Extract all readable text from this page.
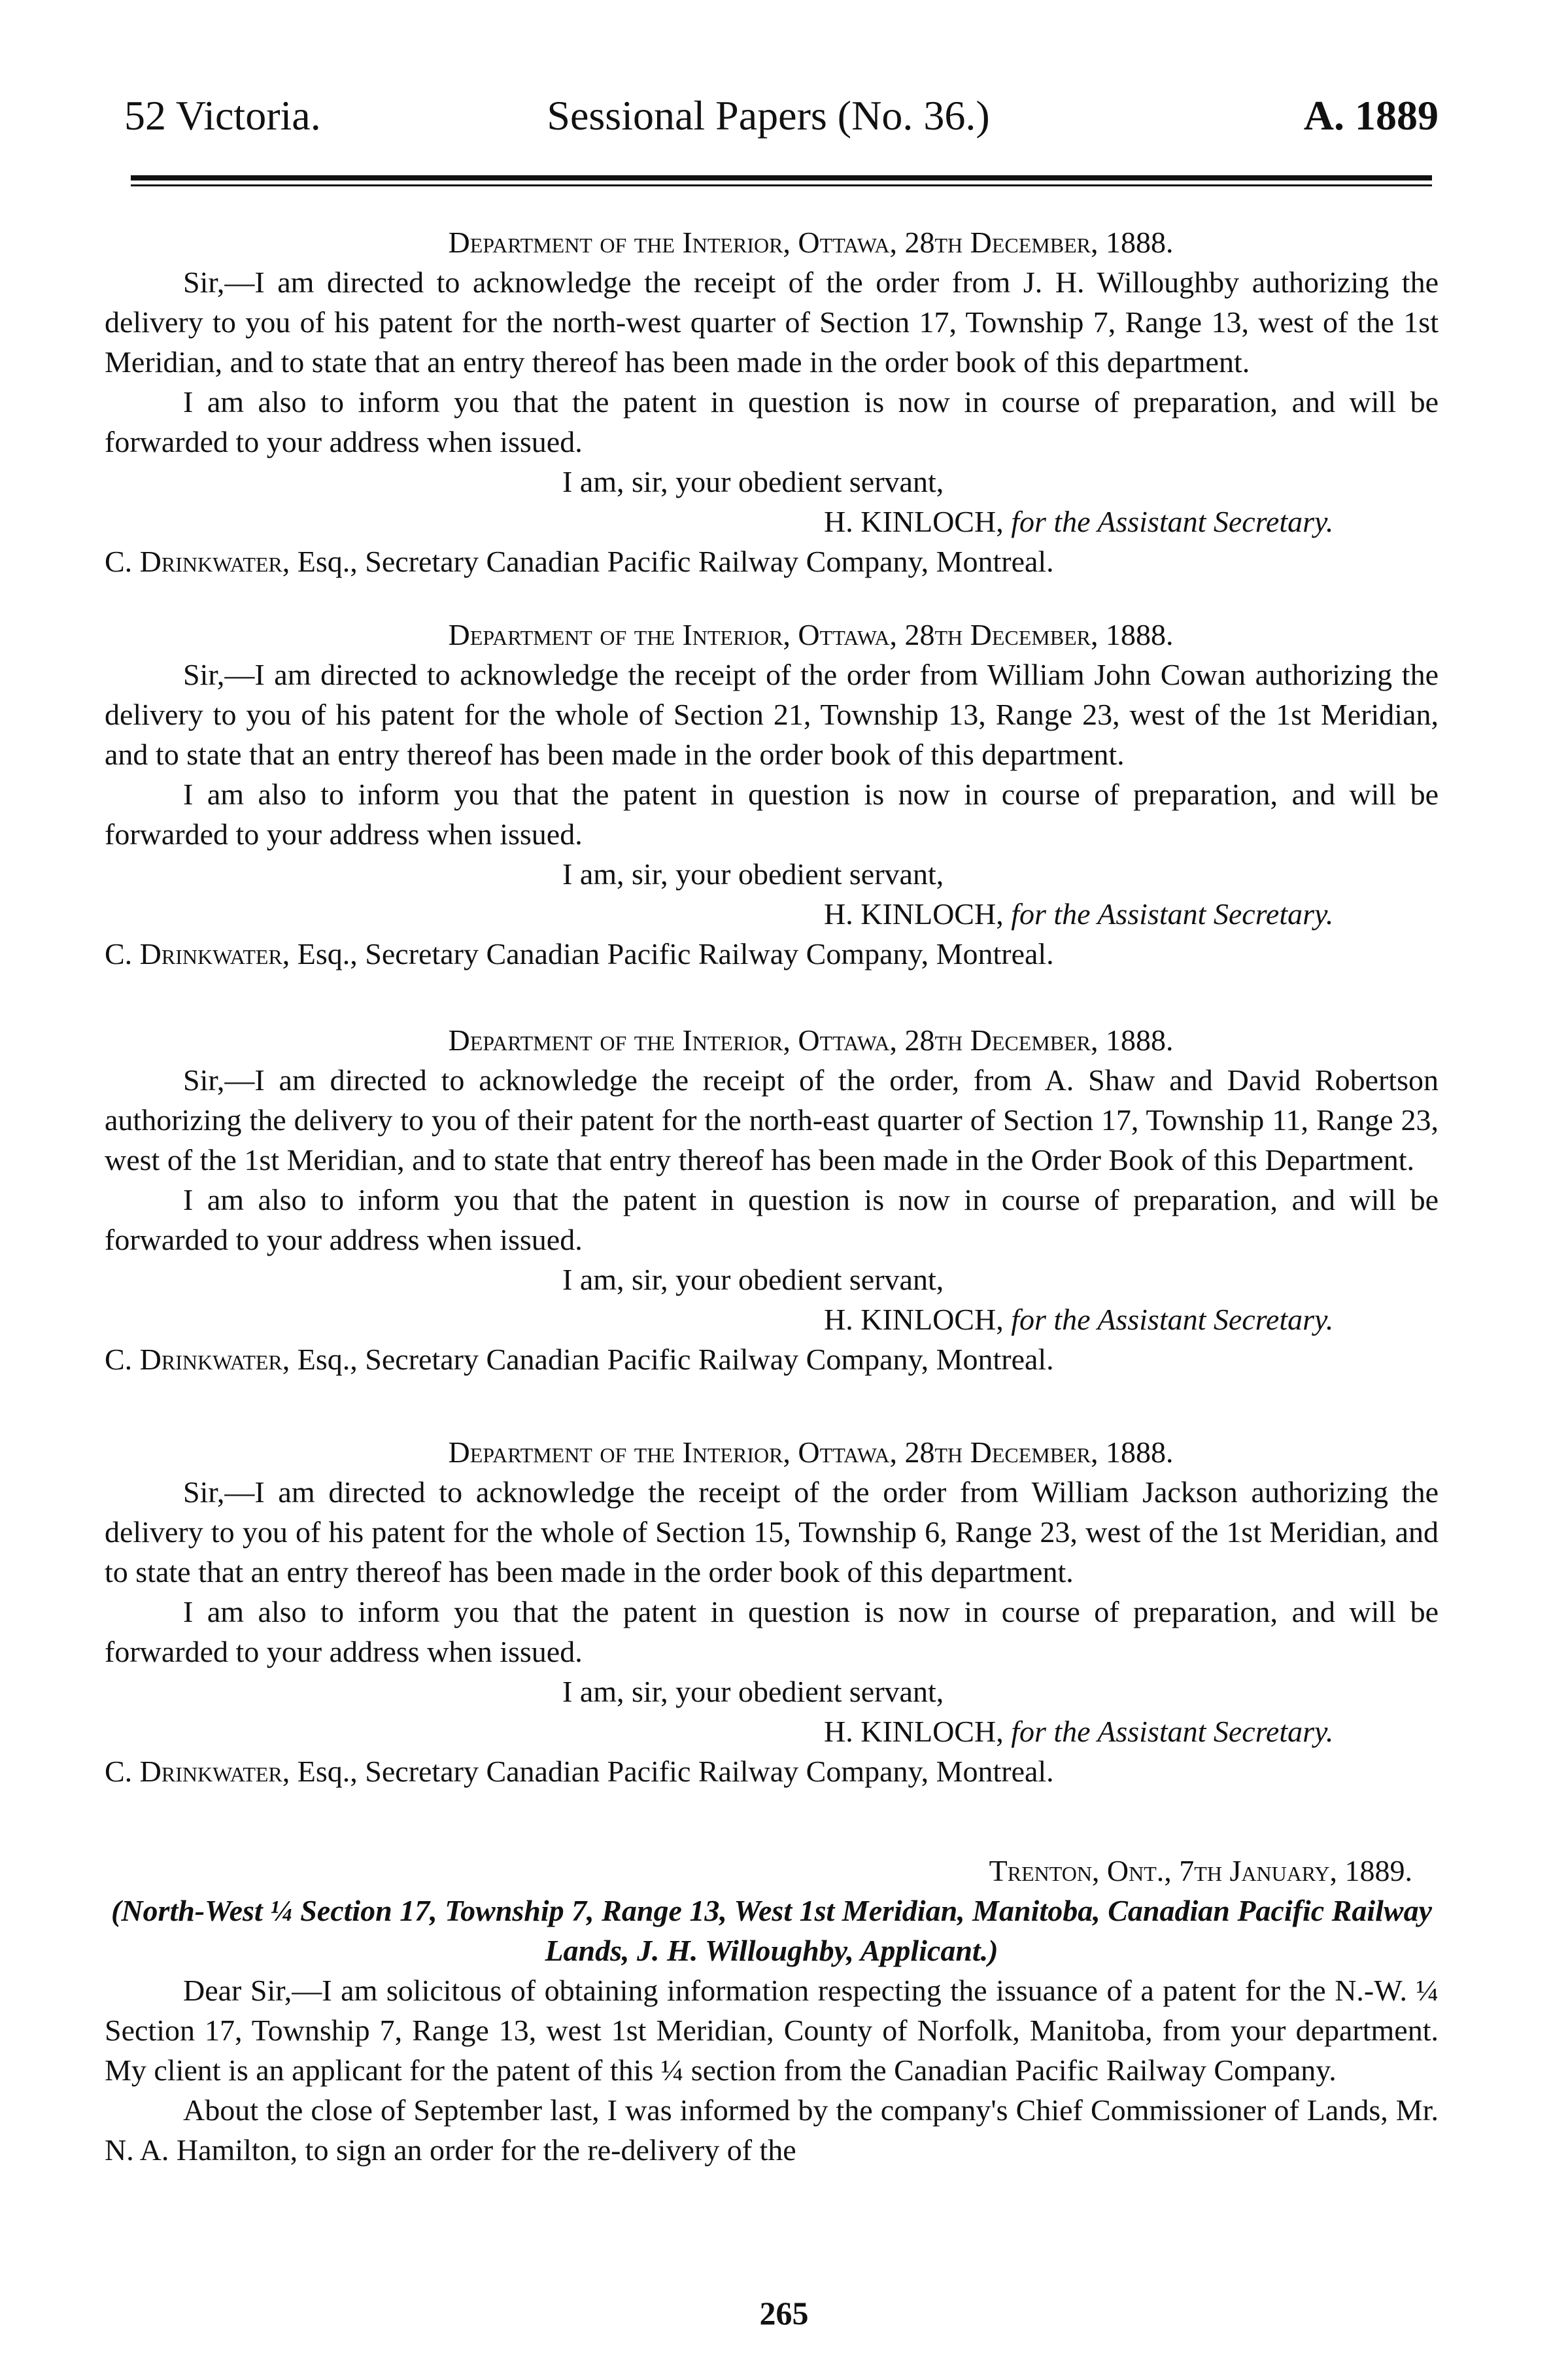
52 Victoria.	Sessional Papers (No. 36.)	A. 1889
Department of the Interior, Ottawa, 28th December, 1888.

Sir,—I am directed to acknowledge the receipt of the order from J. H. Willoughby authorizing the delivery to you of his patent for the north-west quarter of Section 17, Township 7, Range 13, west of the 1st Meridian, and to state that an entry thereof has been made in the order book of this department.

I am also to inform you that the patent in question is now in course of preparation, and will be forwarded to your address when issued.

I am, sir, your obedient servant,
H. KINLOCH, for the Assistant Secretary.
C. Drinkwater, Esq., Secretary Canadian Pacific Railway Company, Montreal.
Department of the Interior, Ottawa, 28th December, 1888.

Sir,—I am directed to acknowledge the receipt of the order from William John Cowan authorizing the delivery to you of his patent for the whole of Section 21, Township 13, Range 23, west of the 1st Meridian, and to state that an entry thereof has been made in the order book of this department.

I am also to inform you that the patent in question is now in course of preparation, and will be forwarded to your address when issued.

I am, sir, your obedient servant,
H. KINLOCH, for the Assistant Secretary.
C. Drinkwater, Esq., Secretary Canadian Pacific Railway Company, Montreal.
Department of the Interior, Ottawa, 28th December, 1888.

Sir,—I am directed to acknowledge the receipt of the order, from A. Shaw and David Robertson authorizing the delivery to you of their patent for the north-east quarter of Section 17, Township 11, Range 23, west of the 1st Meridian, and to state that entry thereof has been made in the Order Book of this Department.

I am also to inform you that the patent in question is now in course of preparation, and will be forwarded to your address when issued.

I am, sir, your obedient servant,
H. KINLOCH, for the Assistant Secretary.
C. Drinkwater, Esq., Secretary Canadian Pacific Railway Company, Montreal.
Department of the Interior, Ottawa, 28th December, 1888.

Sir,—I am directed to acknowledge the receipt of the order from William Jackson authorizing the delivery to you of his patent for the whole of Section 15, Township 6, Range 23, west of the 1st Meridian, and to state that an entry thereof has been made in the order book of this department.

I am also to inform you that the patent in question is now in course of preparation, and will be forwarded to your address when issued.

I am, sir, your obedient servant,
H. KINLOCH, for the Assistant Secretary.
C. Drinkwater, Esq., Secretary Canadian Pacific Railway Company, Montreal.
Trenton, Ont., 7th January, 1889.

(North-West ¼ Section 17, Township 7, Range 13, West 1st Meridian, Manitoba, Canadian Pacific Railway Lands, J. H. Willoughby, Applicant.)

Dear Sir,—I am solicitous of obtaining information respecting the issuance of a patent for the N.-W. ¼ Section 17, Township 7, Range 13, west 1st Meridian, County of Norfolk, Manitoba, from your department. My client is an applicant for the patent of this ¼ section from the Canadian Pacific Railway Company.

About the close of September last, I was informed by the company's Chief Commissioner of Lands, Mr. N. A. Hamilton, to sign an order for the re-delivery of the

265
